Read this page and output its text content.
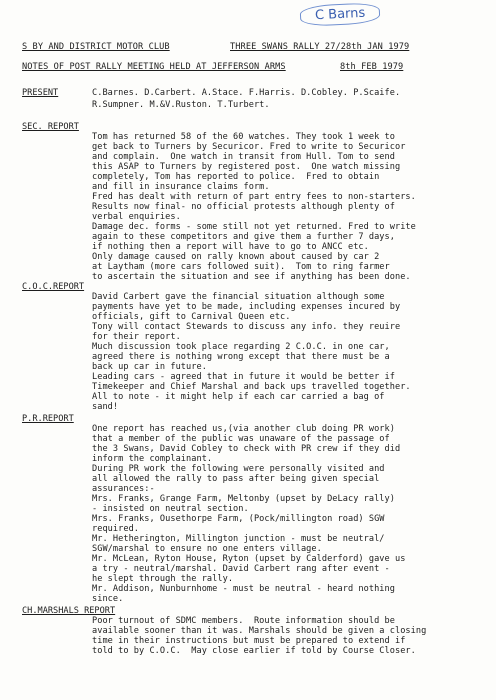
C Barns
S BY AND DISTRICT MOTOR CLUB	THREE SWANS RALLY 27/28th JAN 1979
NOTES OF POST RALLY MEETING HELD AT JEFFERSON ARMS	8th FEB 1979
PRESENT	C.Barnes. D.Carbert. A.Stace. F.Harris. D.Cobley. P.Scaife.
R.Sumpner. M.&V.Ruston. T.Turbert.
SEC. REPORT
Tom has returned 58 of the 60 watches. They took 1 week to
get back to Turners by Securicor. Fred to write to Securicor
and complain.  One watch in transit from Hull. Tom to send
this ASAP to Turners by registered post.  One watch missing
completely, Tom has reported to police.  Fred to obtain
and fill in insurance claims form.
Fred has dealt with return of part entry fees to non-starters.
Results now final- no official protests although plenty of
verbal enquiries.
Damage dec. forms - some still not yet returned. Fred to write
again to these competitors and give them a further 7 days,
if nothing then a report will have to go to ANCC etc.
Only damage caused on rally known about caused by car 2
at Laytham (more cars followed suit).  Tom to ring farmer
to ascertain the situation and see if anything has been done.
C.O.C.REPORT
David Carbert gave the financial situation although some
payments have yet to be made, including expenses incured by
officials, gift to Carnival Queen etc.
Tony will contact Stewards to discuss any info. they reuire
for their report.
Much discussion took place regarding 2 C.O.C. in one car,
agreed there is nothing wrong except that there must be a
back up car in future.
Leading cars - agreed that in future it would be better if
Timekeeper and Chief Marshal and back ups travelled together.
All to note - it might help if each car carried a bag of
sand!
P.R.REPORT
One report has reached us,(via another club doing PR work)
that a member of the public was unaware of the passage of
the 3 Swans, David Cobley to check with PR crew if they did
inform the complainant.
During PR work the following were personally visited and
all allowed the rally to pass after being given special
assurances:-
Mrs. Franks, Grange Farm, Meltonby (upset by DeLacy rally)
- insisted on neutral section.
Mrs. Franks, Ousethorpe Farm, (Pock/millington road) SGW
required.
Mr. Hetherington, Millington junction - must be neutral/
SGW/marshal to ensure no one enters village.
Mr. McLean, Ryton House, Ryton (upset by Calderford) gave us
a try - neutral/marshal. David Carbert rang after event -
he slept through the rally.
Mr. Addison, Nunburnhome - must be neutral - heard nothing
since.
CH.MARSHALS REPORT
Poor turnout of SDMC members.  Route information should be
available sooner than it was. Marshals should be given a closing
time in their instructions but must be prepared to extend if
told to by C.O.C.  May close earlier if told by Course Closer.
